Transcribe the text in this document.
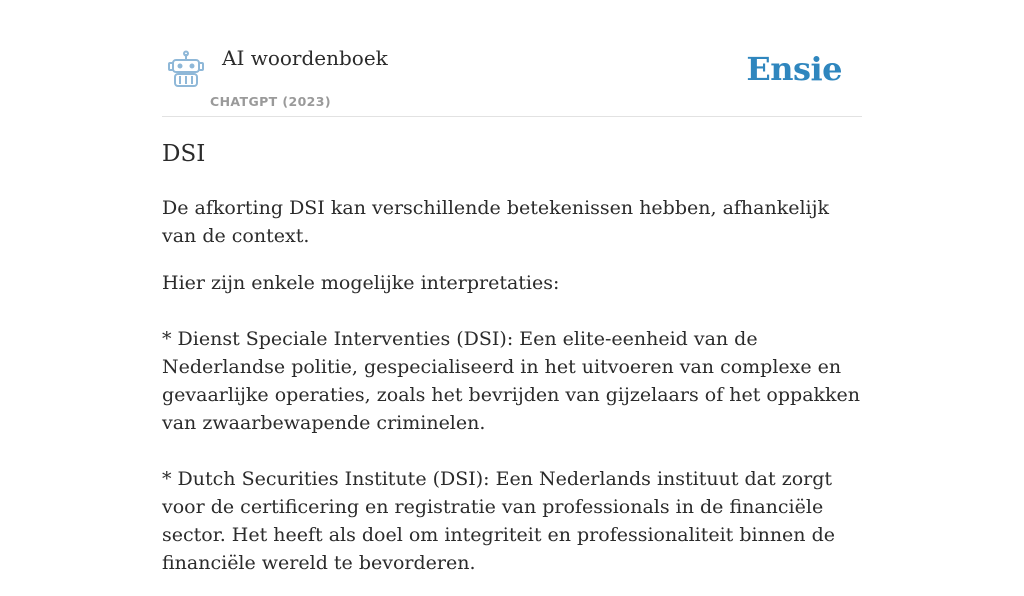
AI woordenboek
CHATGPT (2023)
Ensie
DSI

De afkorting DSI kan verschillende betekenissen hebben, afhankelijk van de context.

Hier zijn enkele mogelijke interpretaties:

* Dienst Speciale Interventies (DSI): Een elite-eenheid van de Nederlandse politie, gespecialiseerd in het uitvoeren van complexe en gevaarlijke operaties, zoals het bevrijden van gijzelaars of het oppakken van zwaarbewapende criminelen.

* Dutch Securities Institute (DSI): Een Nederlands instituut dat zorgt voor de certificering en registratie van professionals in de financiële sector. Het heeft als doel om integriteit en professionaliteit binnen de financiële wereld te bevorderen.
